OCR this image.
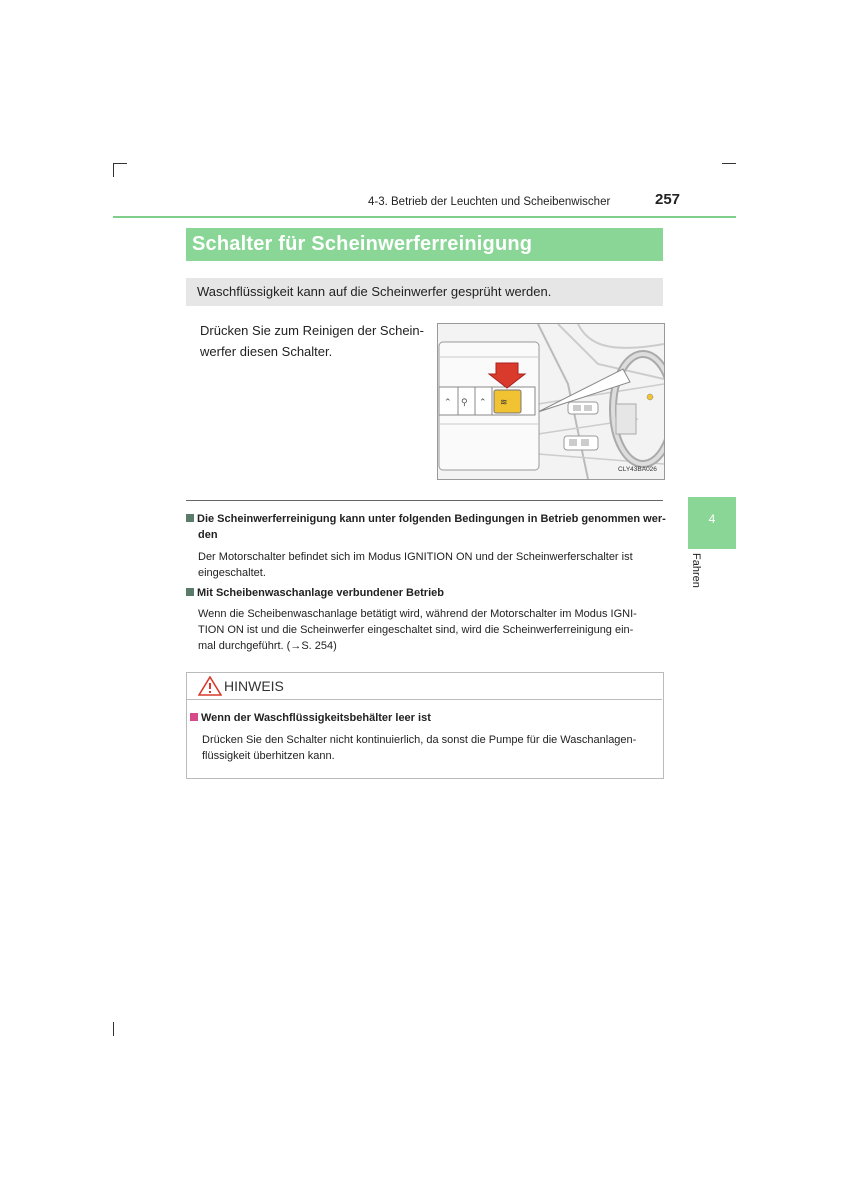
4-3. Betrieb der Leuchten und Scheibenwischer	257
Schalter für Scheinwerferreinigung
Waschflüssigkeit kann auf die Scheinwerfer gesprüht werden.
Drücken Sie zum Reinigen der Schein-
werfer diesen Schalter.
⌃ ⚲ ⌃ ≋
CLY43BA026
4
Fahren
Die Scheinwerferreinigung kann unter folgenden Bedingungen in Betrieb genommen wer-
den
Der Motorschalter befindet sich im Modus IGNITION ON und der Scheinwerferschalter ist
eingeschaltet.
Mit Scheibenwaschanlage verbundener Betrieb
Wenn die Scheibenwaschanlage betätigt wird, während der Motorschalter im Modus IGNI-
TION ON ist und die Scheinwerfer eingeschaltet sind, wird die Scheinwerferreinigung ein-
mal durchgeführt. (→S. 254)
HINWEIS
Wenn der Waschflüssigkeitsbehälter leer ist
Drücken Sie den Schalter nicht kontinuierlich, da sonst die Pumpe für die Waschanlagen-
flüssigkeit überhitzen kann.
